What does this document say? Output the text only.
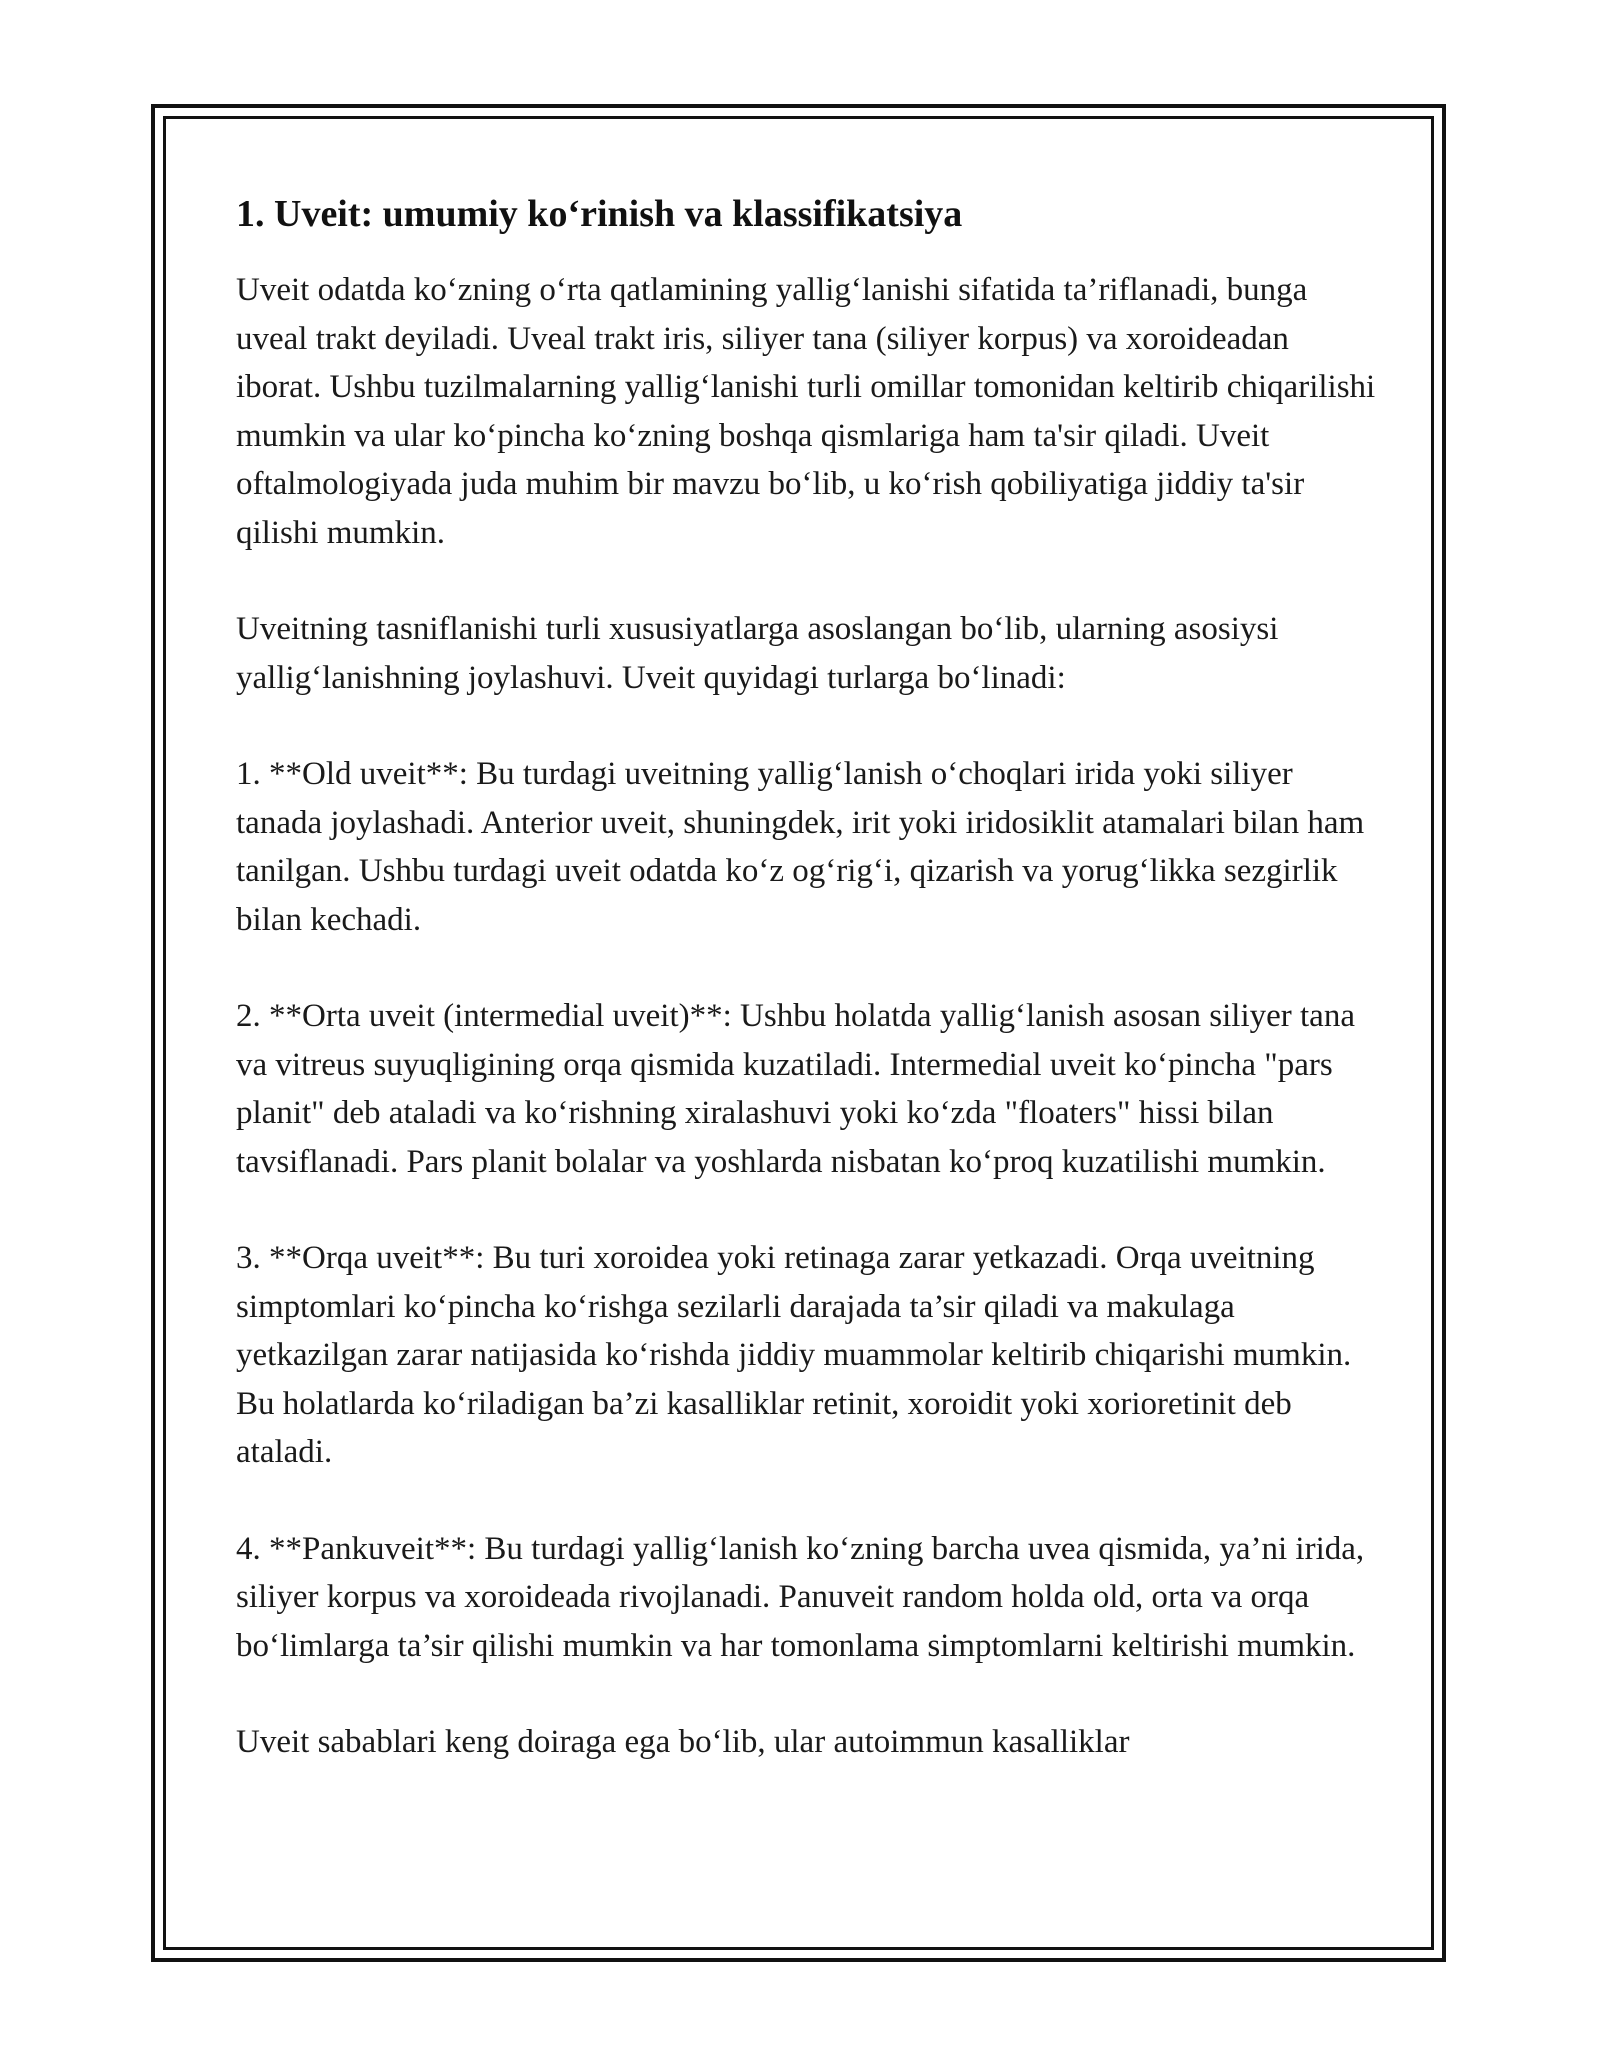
1. Uveit: umumiy ko‘rinish va klassifikatsiya

Uveit odatda ko‘zning o‘rta qatlamining yallig‘lanishi sifatida ta’riflanadi, bunga uveal trakt deyiladi. Uveal trakt iris, siliyer tana (siliyer korpus) va xoroideadan iborat. Ushbu tuzilmalarning yallig‘lanishi turli omillar tomonidan keltirib chiqarilishi mumkin va ular ko‘pincha ko‘zning boshqa qismlariga ham ta'sir qiladi. Uveit oftalmologiyada juda muhim bir mavzu bo‘lib, u ko‘rish qobiliyatiga jiddiy ta'sir qilishi mumkin.

Uveitning tasniflanishi turli xususiyatlarga asoslangan bo‘lib, ularning asosiysi yallig‘lanishning joylashuvi. Uveit quyidagi turlarga bo‘linadi:

1. **Old uveit**: Bu turdagi uveitning yallig‘lanish o‘choqlari irida yoki siliyer tanada joylashadi. Anterior uveit, shuningdek, irit yoki iridosiklit atamalari bilan ham tanilgan. Ushbu turdagi uveit odatda ko‘z og‘rig‘i, qizarish va yorug‘likka sezgirlik bilan kechadi.

2. **Orta uveit (intermedial uveit)**: Ushbu holatda yallig‘lanish asosan siliyer tana va vitreus suyuqligining orqa qismida kuzatiladi. Intermedial uveit ko‘pincha "pars planit" deb ataladi va ko‘rishning xiralashuvi yoki ko‘zda "floaters" hissi bilan tavsiflanadi. Pars planit bolalar va yoshlarda nisbatan ko‘proq kuzatilishi mumkin.

3. **Orqa uveit**: Bu turi xoroidea yoki retinaga zarar yetkazadi. Orqa uveitning simptomlari ko‘pincha ko‘rishga sezilarli darajada ta’sir qiladi va makulaga yetkazilgan zarar natijasida ko‘rishda jiddiy muammolar keltirib chiqarishi mumkin. Bu holatlarda ko‘riladigan ba’zi kasalliklar retinit, xoroidit yoki xorioretinit deb ataladi.

4. **Pankuveit**: Bu turdagi yallig‘lanish ko‘zning barcha uvea qismida, ya’ni irida, siliyer korpus va xoroideada rivojlanadi. Panuveit random holda old, orta va orqa bo‘limlarga ta’sir qilishi mumkin va har tomonlama simptomlarni keltirishi mumkin.

Uveit sabablari keng doiraga ega bo‘lib, ular autoimmun kasalliklar
